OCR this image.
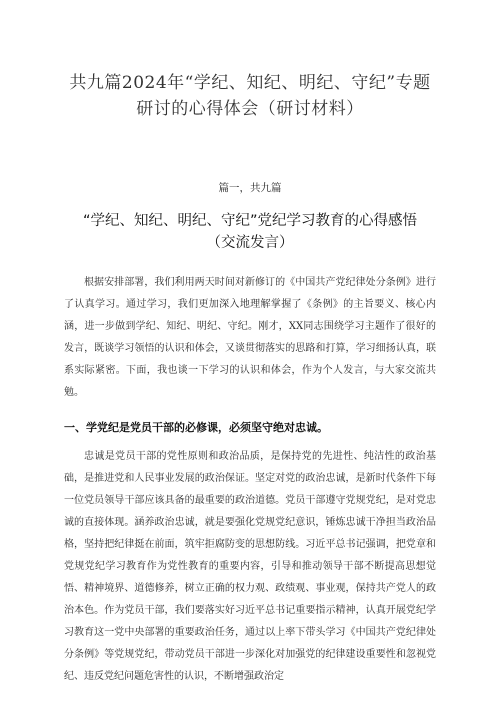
共九篇2024年“学纪、知纪、明纪、守纪”专题研讨的心得体会（研讨材料）
篇一，共九篇
“学纪、知纪、明纪、守纪”党纪学习教育的心得感悟（交流发言）

根据安排部署，我们利用两天时间对新修订的《中国共产党纪律处分条例》进行了认真学习。通过学习，我们更加深入地理解掌握了《条例》的主旨要义、核心内涵，进一步做到学纪、知纪、明纪、守纪。刚才，XX同志围绕学习主题作了很好的发言，既谈学习领悟的认识和体会，又谈贯彻落实的思路和打算，学习细扬认真，联系实际紧密。下面，我也谈一下学习的认识和体会，作为个人发言，与大家交流共勉。

一、学党纪是党员干部的必修课，必须坚守绝对忠诚。

忠诚是党员干部的党性原则和政治品质，是保持党的先进性、纯洁性的政治基础，是推进党和人民事业发展的政治保证。坚定对党的政治忠诚，是新时代条件下每一位党员领导干部应该具备的最重要的政治道德。党员干部遵守党规党纪，是对党忠诚的直接体现。涵养政治忠诚，就是要强化党规党纪意识，锤炼忠诚干净担当政治品格，坚持把纪律挺在前面，筑牢拒腐防变的思想防线。习近平总书记强调，把党章和党规党纪学习教育作为党性教育的重要内容，引导和推动领导干部不断提高思想觉悟、精神境界、道德修养，树立正确的权力观、政绩观、事业观，保持共产党人的政治本色。作为党员干部，我们要落实好习近平总书记重要指示精神，认真开展党纪学习教育这一党中央部署的重要政治任务，通过以上率下带头学习《中国共产党纪律处分条例》等党规党纪，带动党员干部进一步深化对加强党的纪律建设重要性和忽视党纪、违反党纪问题危害性的认识，不断增强政治定
